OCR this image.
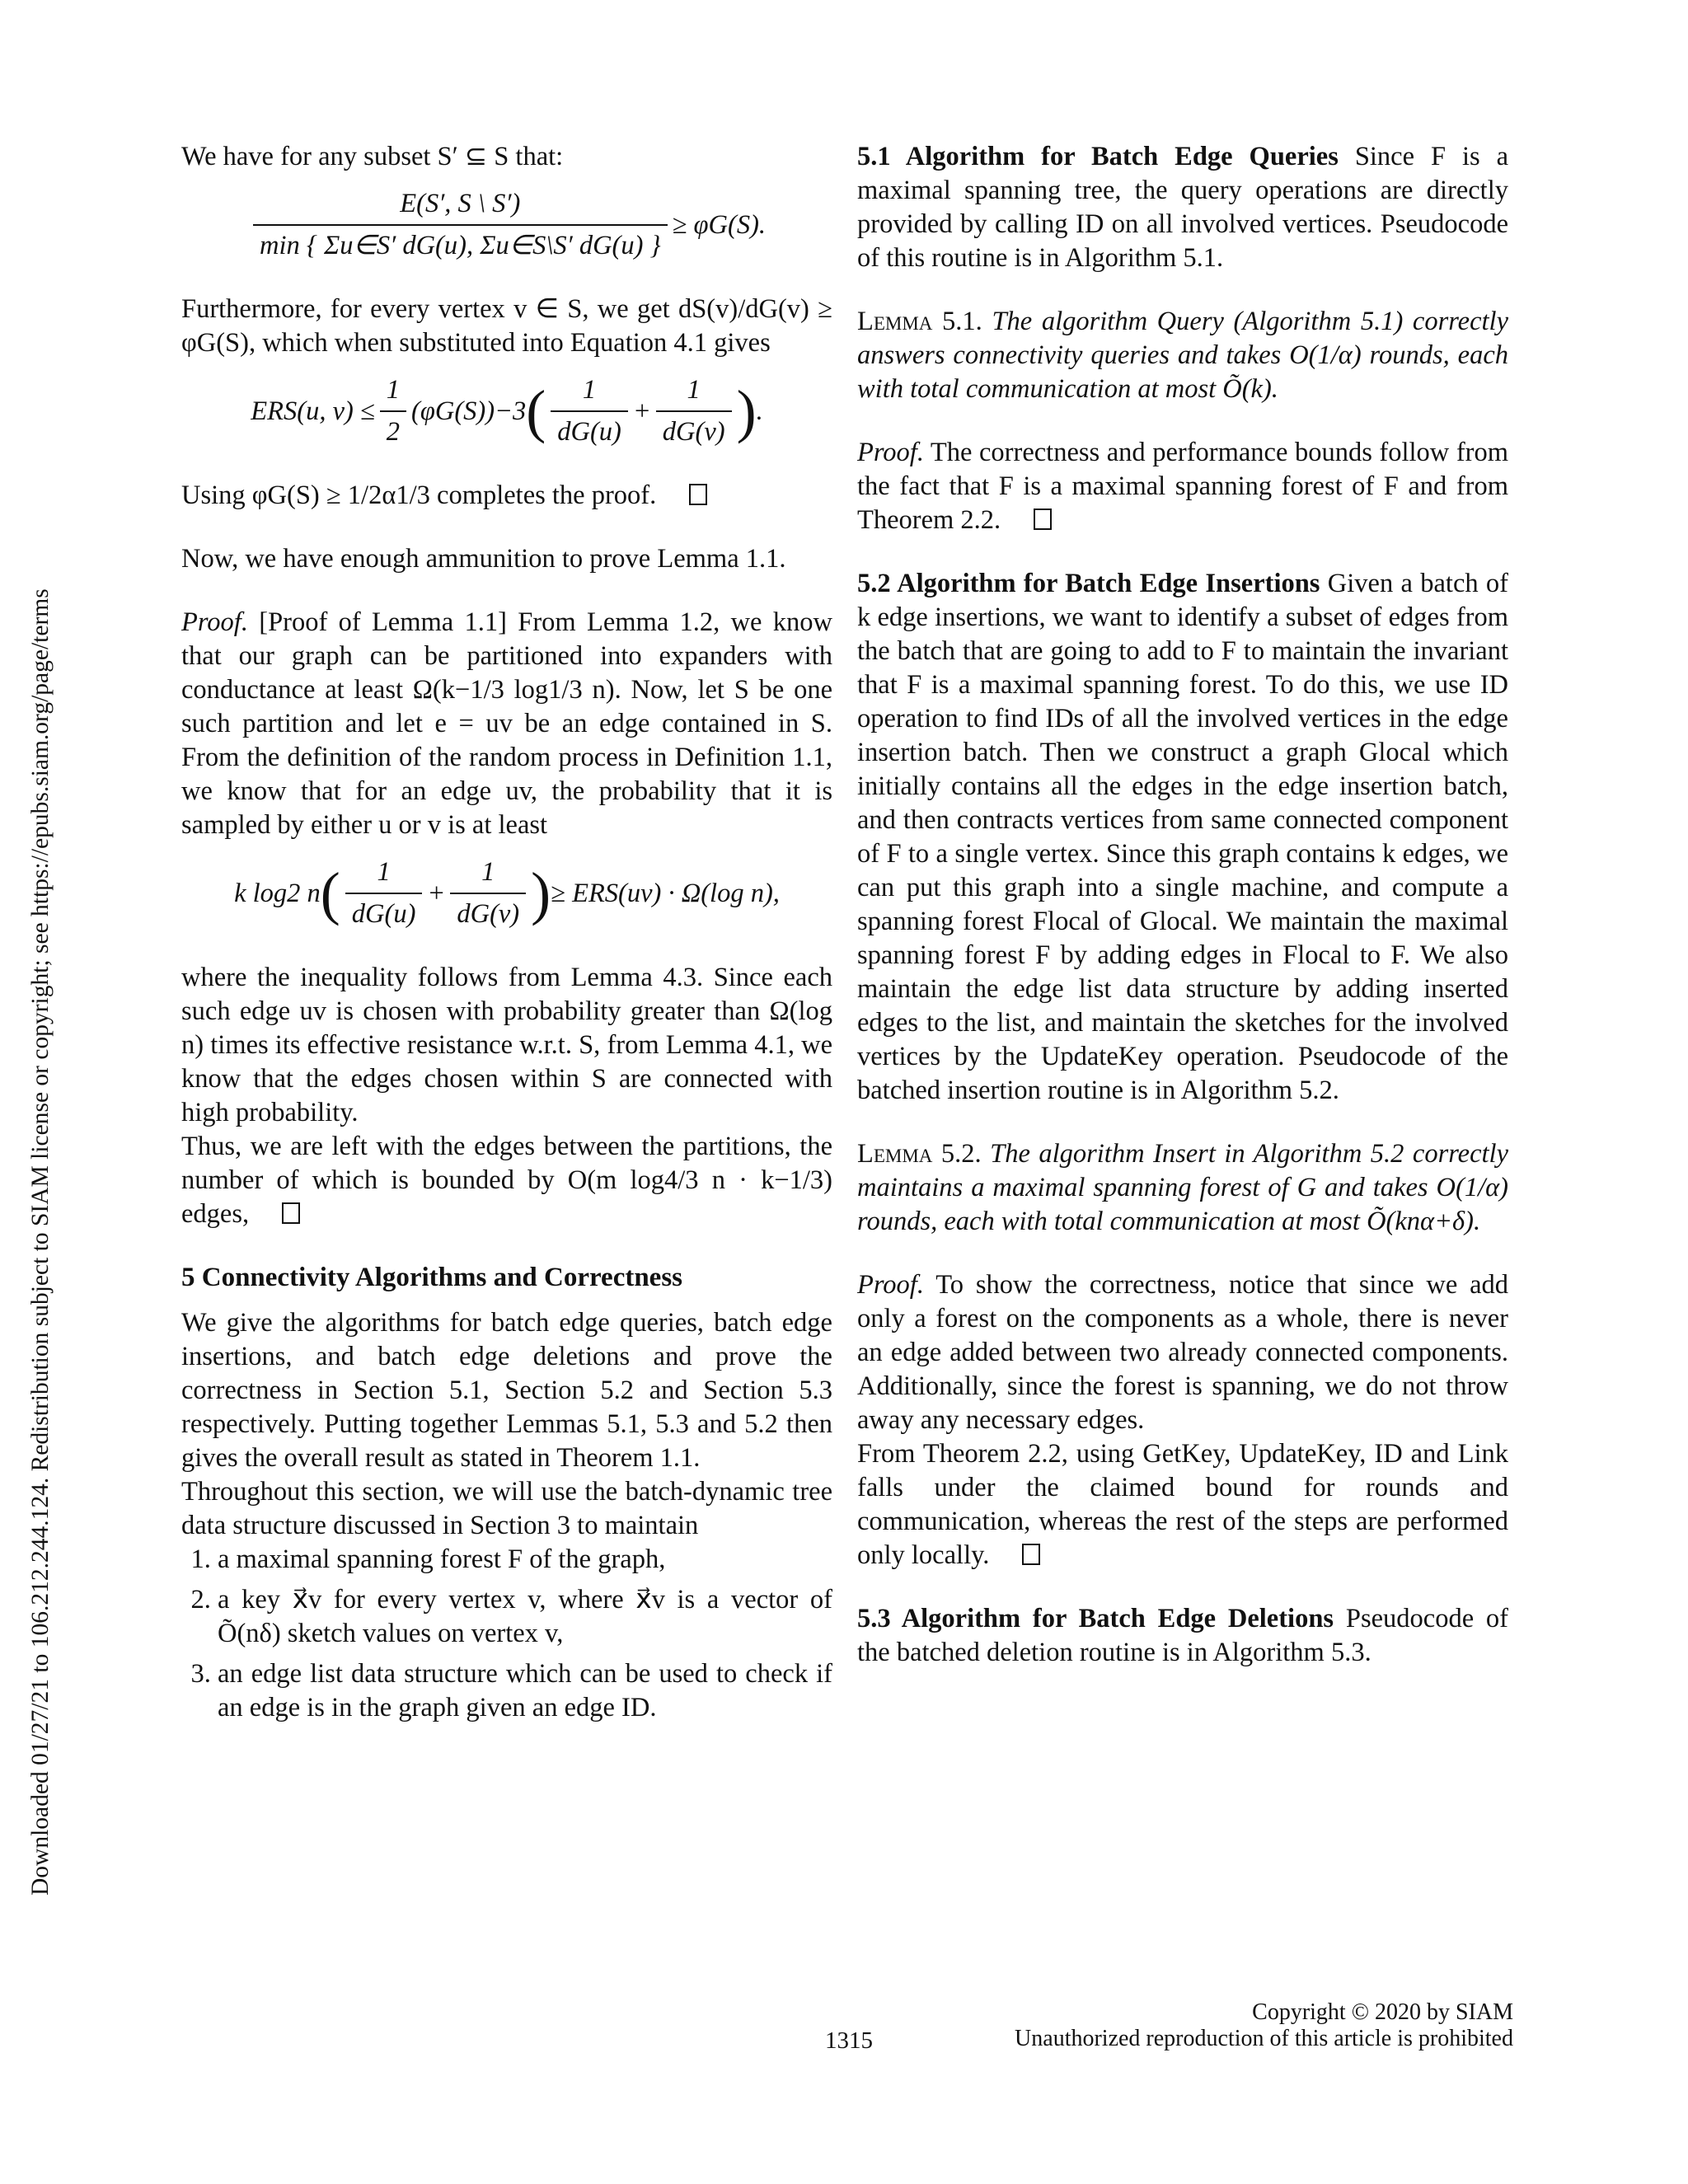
Downloaded 01/27/21 to 106.212.244.124. Redistribution subject to SIAM license or copyright; see https://epubs.siam.org/page/terms

We have for any subset S′ ⊆ S that:

$\frac{E(S', S \backslash S')}{\min \{ \Sigma u\in S' dG(u), \Sigma u\in S\backslash S' dG(u) \}} \ge \varphi G(S)$.

Furthermore, for every vertex v ∈ S, we get dS(v)/dG(v) ≥ φG(S), which when substituted into Equation 4.1 gives

ERS(u, $v) \le \frac{1}{2} (\varphi G(S))-3$ ( $\frac{1}{dG(u)} + \frac{1}{dG(v)}$ ) .

Using φG(S) ≥ 1/2α1/3 completes the proof.

Now, we have enough ammunition to prove Lemma 1.1.

Proof. [Proof of Lemma 1.1] From Lemma 1.2, we know that our graph can be partitioned into expanders with conductance at least Ω(k−1/3 log1/3 n). Now, let S be one such partition and let e = uv be an edge contained in S. From the definition of the random process in Definition 1.1, we know that for an edge uv, the probability that it is sampled by either u or v is at least

k log2 n ( $\frac{1}{dG(u)} + \frac{1}{dG(v)}$ ) ≥ ERS(uv) · Ω(log n),

where the inequality follows from Lemma 4.3. Since each such edge uv is chosen with probability greater than Ω(log n) times its effective resistance w.r.t. S, from Lemma 4.1, we know that the edges chosen within S are connected with high probability.

Thus, we are left with the edges between the partitions, the number of which is bounded by O(m log4/3 n · k−1/3) edges,

5 Connectivity Algorithms and Correctness

We give the algorithms for batch edge queries, batch edge insertions, and batch edge deletions and prove the correctness in Section 5.1, Section 5.2 and Section 5.3 respectively. Putting together Lemmas 5.1, 5.3 and 5.2 then gives the overall result as stated in Theorem 1.1.

Throughout this section, we will use the batch-dynamic tree data structure discussed in Section 3 to maintain

1. a maximal spanning forest F of the graph,
2. a key x⃗v for every vertex v, where x⃗v is a vector of Õ(nδ) sketch values on vertex v,
3. an edge list data structure which can be used to check if an edge is in the graph given an edge ID.

5.1 Algorithm for Batch Edge Queries Since F is a maximal spanning tree, the query operations are directly provided by calling ID on all involved vertices. Pseudocode of this routine is in Algorithm 5.1.

Lemma 5.1. The algorithm Query (Algorithm 5.1) correctly answers connectivity queries and takes O(1/α) rounds, each with total communication at most Õ(k).

Proof. The correctness and performance bounds follow from the fact that F is a maximal spanning forest of F and from Theorem 2.2.

5.2 Algorithm for Batch Edge Insertions Given a batch of k edge insertions, we want to identify a subset of edges from the batch that are going to add to F to maintain the invariant that F is a maximal spanning forest. To do this, we use ID operation to find IDs of all the involved vertices in the edge insertion batch. Then we construct a graph Glocal which initially contains all the edges in the edge insertion batch, and then contracts vertices from same connected component of F to a single vertex. Since this graph contains k edges, we can put this graph into a single machine, and compute a spanning forest Flocal of Glocal. We maintain the maximal spanning forest F by adding edges in Flocal to F. We also maintain the edge list data structure by adding inserted edges to the list, and maintain the sketches for the involved vertices by the UpdateKey operation. Pseudocode of the batched insertion routine is in Algorithm 5.2.

Lemma 5.2. The algorithm Insert in Algorithm 5.2 correctly maintains a maximal spanning forest of G and takes O(1/α) rounds, each with total communication at most Õ(knα+δ).

Proof. To show the correctness, notice that since we add only a forest on the components as a whole, there is never an edge added between two already connected components. Additionally, since the forest is spanning, we do not throw away any necessary edges.

From Theorem 2.2, using GetKey, UpdateKey, ID and Link falls under the claimed bound for rounds and communication, whereas the rest of the steps are performed only locally.

5.3 Algorithm for Batch Edge Deletions Pseudocode of the batched deletion routine is in Algorithm 5.3.

1315
Copyright © 2020 by SIAM
Unauthorized reproduction of this article is prohibited
